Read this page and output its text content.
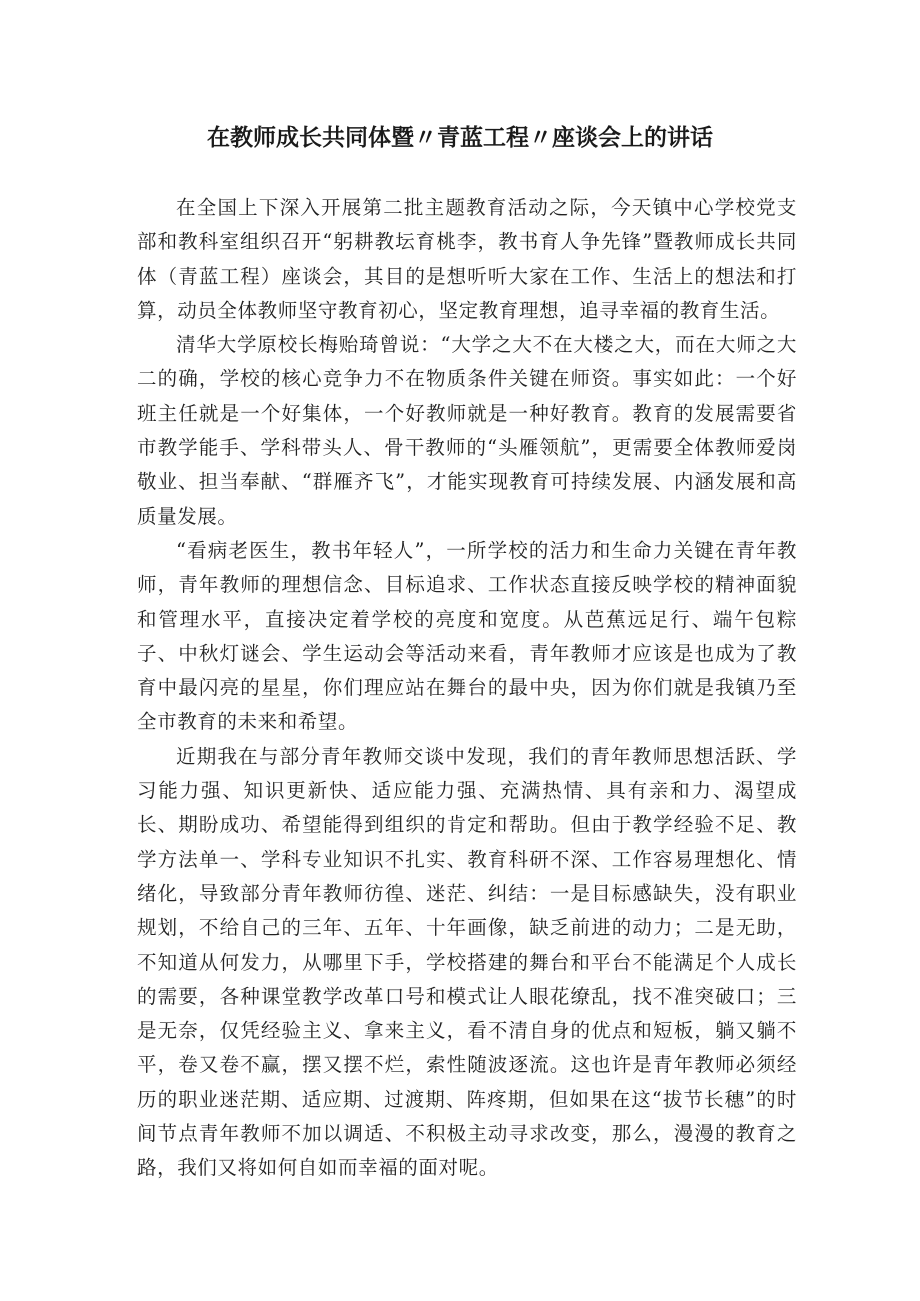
在教师成长共同体暨〃青蓝工程〃座谈会上的讲话

在全国上下深入开展第二批主题教育活动之际，今天镇中心学校党支部和教科室组织召开“躬耕教坛育桃李，教书育人争先锋”暨教师成长共同体（青蓝工程）座谈会，其目的是想听听大家在工作、生活上的想法和打算，动员全体教师坚守教育初心，坚定教育理想，追寻幸福的教育生活。

清华大学原校长梅贻琦曾说：“大学之大不在大楼之大，而在大师之大二的确，学校的核心竞争力不在物质条件关键在师资。事实如此：一个好班主任就是一个好集体，一个好教师就是一种好教育。教育的发展需要省市教学能手、学科带头人、骨干教师的“头雁领航”，更需要全体教师爱岗敬业、担当奉献、“群雁齐飞”，才能实现教育可持续发展、内涵发展和高质量发展。

“看病老医生，教书年轻人”，一所学校的活力和生命力关键在青年教师，青年教师的理想信念、目标追求、工作状态直接反映学校的精神面貌和管理水平，直接决定着学校的亮度和宽度。从芭蕉远足行、端午包粽子、中秋灯谜会、学生运动会等活动来看，青年教师才应该是也成为了教育中最闪亮的星星，你们理应站在舞台的最中央，因为你们就是我镇乃至全市教育的未来和希望。

近期我在与部分青年教师交谈中发现，我们的青年教师思想活跃、学习能力强、知识更新快、适应能力强、充满热情、具有亲和力、渴望成长、期盼成功、希望能得到组织的肯定和帮助。但由于教学经验不足、教学方法单一、学科专业知识不扎实、教育科研不深、工作容易理想化、情绪化，导致部分青年教师彷徨、迷茫、纠结：一是目标感缺失，没有职业规划，不给自己的三年、五年、十年画像，缺乏前进的动力；二是无助，不知道从何发力，从哪里下手，学校搭建的舞台和平台不能满足个人成长的需要，各种课堂教学改革口号和模式让人眼花缭乱，找不准突破口；三是无奈，仅凭经验主义、拿来主义，看不清自身的优点和短板，躺又躺不平，卷又卷不赢，摆又摆不烂，索性随波逐流。这也许是青年教师必须经历的职业迷茫期、适应期、过渡期、阵疼期，但如果在这“拔节长穗”的时间节点青年教师不加以调适、不积极主动寻求改变，那么，漫漫的教育之路，我们又将如何自如而幸福的面对呢。
